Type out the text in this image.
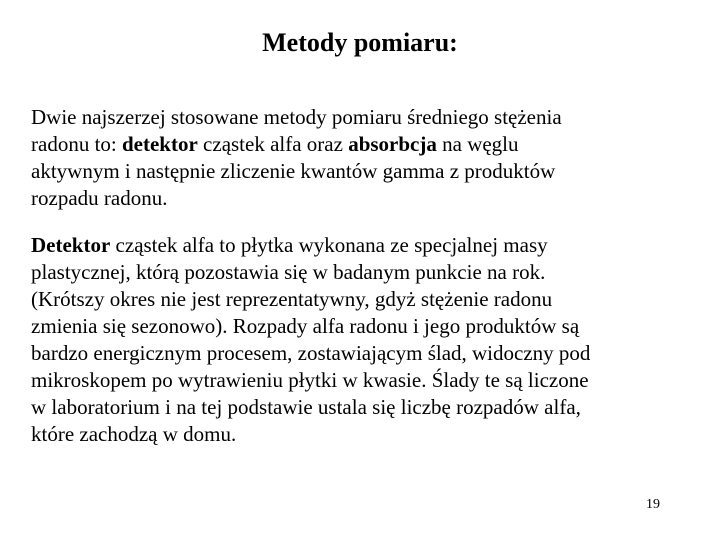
Metody pomiaru:
Dwie najszerzej stosowane metody pomiaru średniego stężenia
radonu to: detektor cząstek alfa oraz absorbcja na węglu
aktywnym i następnie zliczenie kwantów gamma z produktów
rozpadu radonu.
Detektor cząstek alfa to płytka wykonana ze specjalnej masy
plastycznej, którą pozostawia się w badanym punkcie na rok.
(Krótszy okres nie jest reprezentatywny, gdyż stężenie radonu
zmienia się sezonowo). Rozpady alfa radonu i jego produktów są
bardzo energicznym procesem, zostawiającym ślad, widoczny pod
mikroskopem po wytrawieniu płytki w kwasie. Ślady te są liczone
w laboratorium i na tej podstawie ustala się liczbę rozpadów alfa,
które zachodzą w domu.
19
